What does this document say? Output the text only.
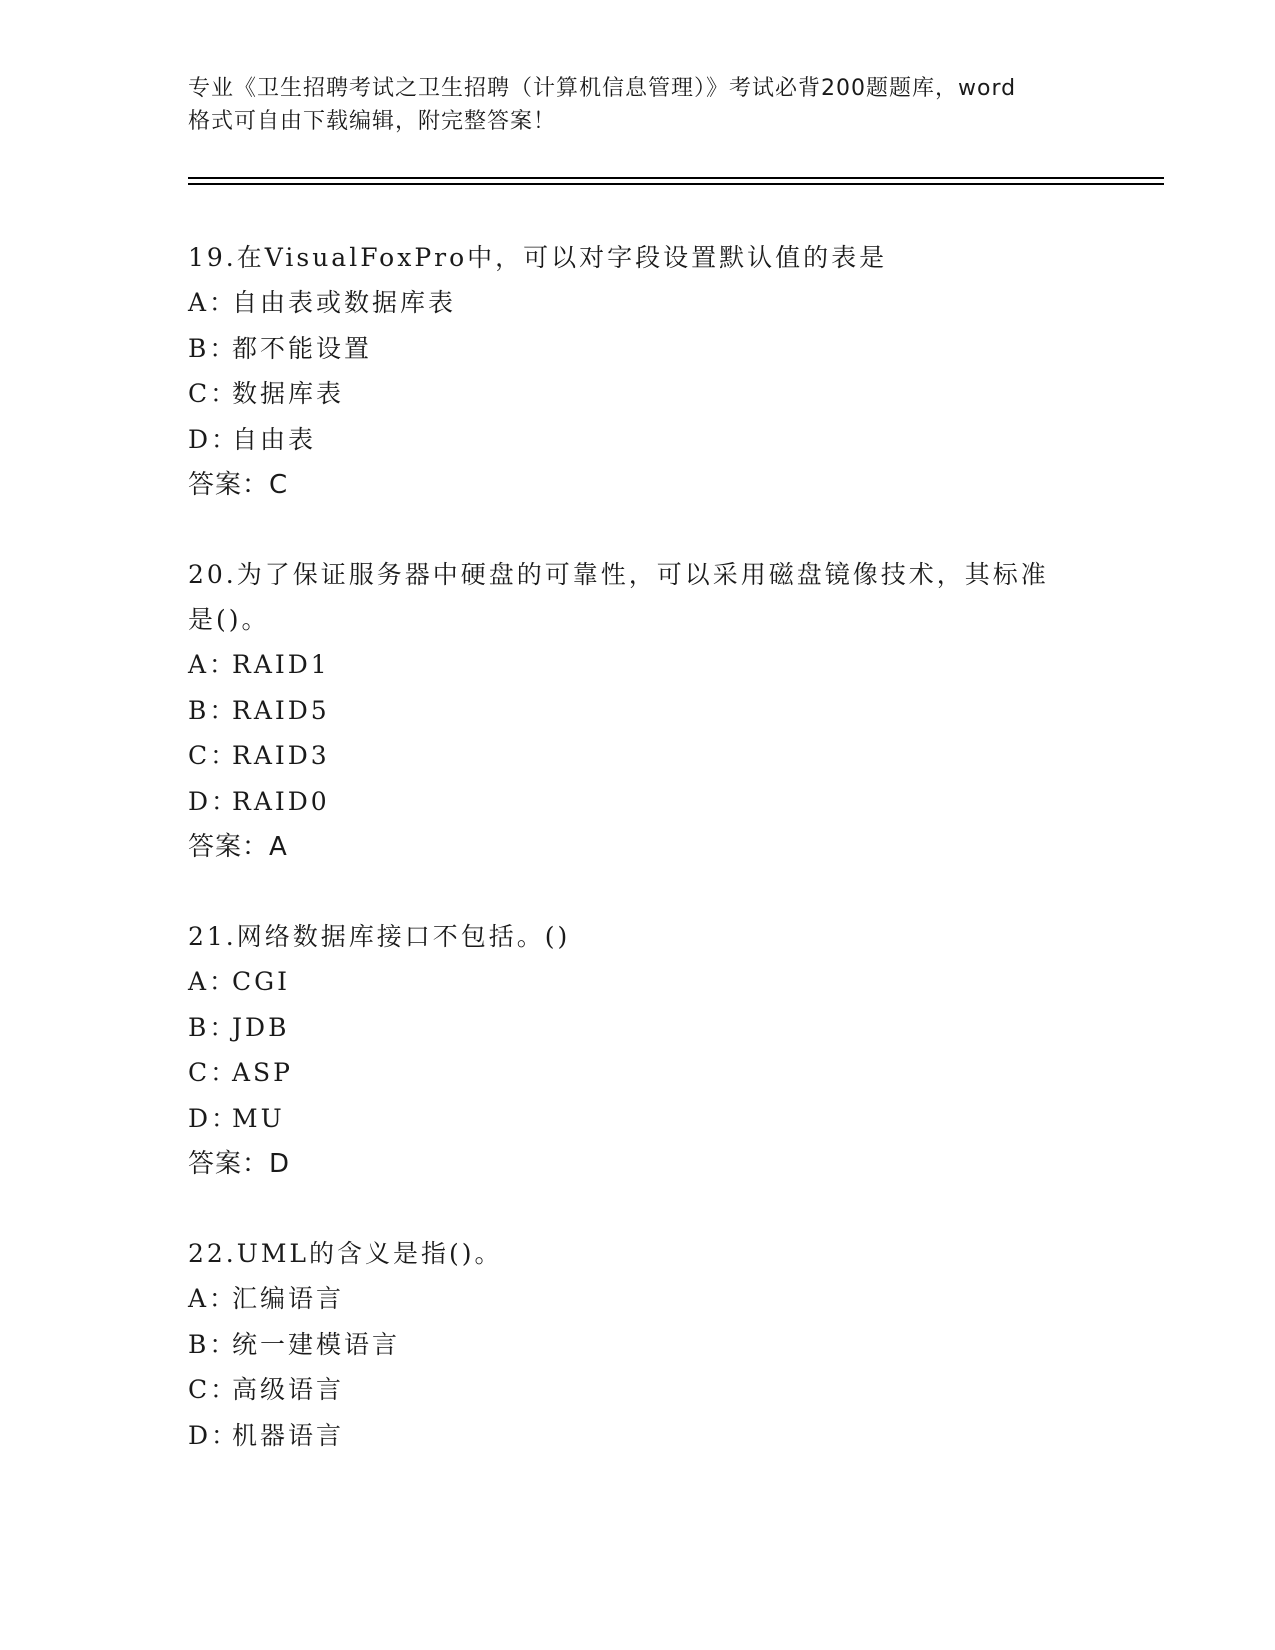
专业《卫生招聘考试之卫生招聘（计算机信息管理）》考试必背200题题库，word
格式可自由下载编辑，附完整答案！
19.在VisualFoxPro中，可以对字段设置默认值的表是
A：自由表或数据库表
B：都不能设置
C：数据库表
D：自由表
答案：C
20.为了保证服务器中硬盘的可靠性，可以采用磁盘镜像技术，其标准是()。
A：RAID1
B：RAID5
C：RAID3
D：RAID0
答案：A
21.网络数据库接口不包括。()
A：CGI
B：JDB
C：ASP
D：MU
答案：D
22.UML的含义是指()。
A：汇编语言
B：统一建模语言
C：高级语言
D：机器语言
